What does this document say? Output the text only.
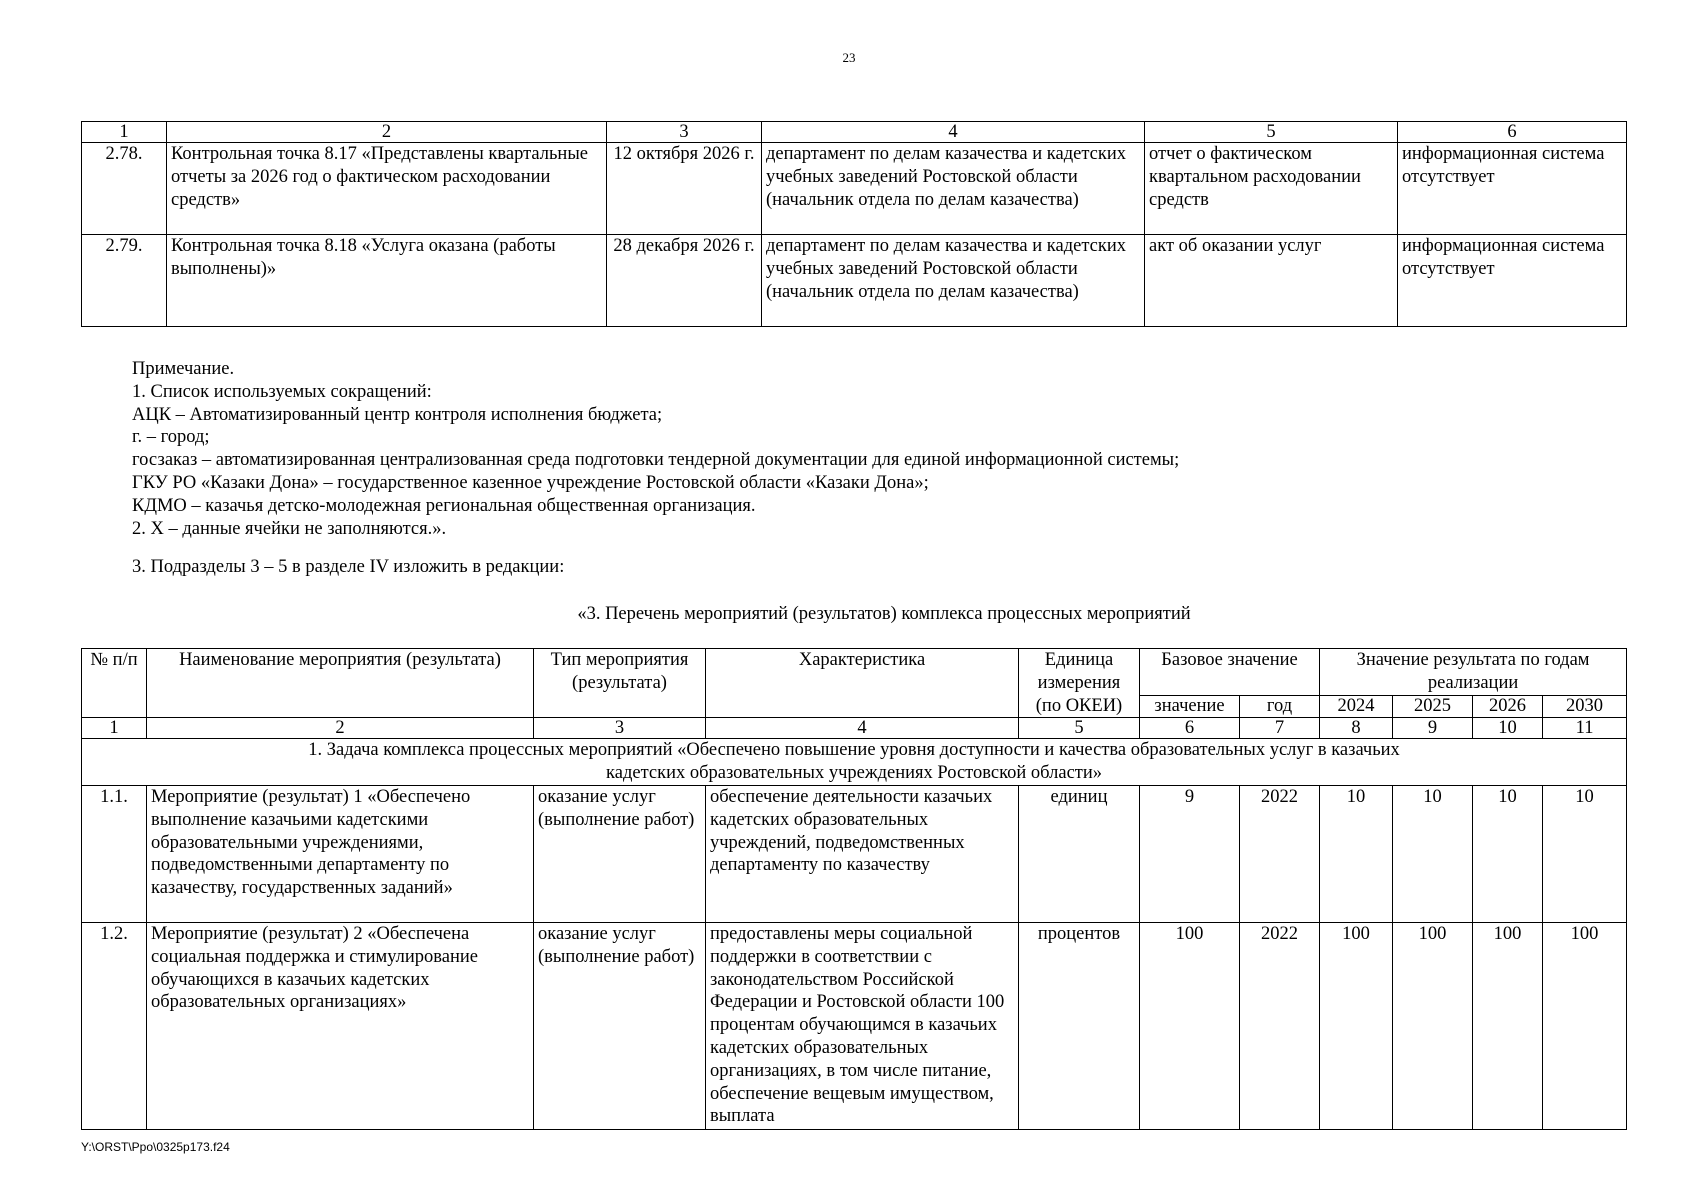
23
1	2	3	4	5	6
2.78.	Контрольная точка 8.17 «Представлены квартальные отчеты за 2026 год о фактическом расходовании средств»	12 октября 2026 г.	департамент по делам казачества и кадетских учебных заведений Ростовской области (начальник отдела по делам казачества)	отчет о фактическом квартальном расходовании средств	информационная система отсутствует
2.79.	Контрольная точка 8.18 «Услуга оказана (работы выполнены)»	28 декабря 2026 г.	департамент по делам казачества и кадетских учебных заведений Ростовской области (начальник отдела по делам казачества)	акт об оказании услуг	информационная система отсутствует

Примечание.

1. Список используемых сокращений:

АЦК – Автоматизированный центр контроля исполнения бюджета;

г. – город;

госзаказ – автоматизированная централизованная среда подготовки тендерной документации для единой информационной системы;

ГКУ РО «Казаки Дона» – государственное казенное учреждение Ростовской области «Казаки Дона»;

КДМО – казачья детско-молодежная региональная общественная организация.

2. Х – данные ячейки не заполняются.».

3. Подразделы 3 – 5 в разделе IV изложить в редакции:

«3. Перечень мероприятий (результатов) комплекса процессных мероприятий
№ п/п	Наименование мероприятия (результата)	Тип мероприятия (результата)	Характеристика	Единица измерения (по ОКЕИ)	Базовое значение		Значение результата по годам реализации			
					значение	год	2024	2025	2026	2030
1	2	3	4	5	6	7	8	9	10	11
1. Задача комплекса процессных мероприятий «Обеспечено повышение уровня доступности и качества образовательных услуг в казачьих кадетских образовательных учреждениях Ростовской области»										
1.1.	Мероприятие (результат) 1 «Обеспечено выполнение казачьими кадетскими образовательными учреждениями, подведомственными департаменту по казачеству, государственных заданий»	оказание услуг (выполнение работ)	обеспечение деятельности казачьих кадетских образовательных учреждений, подведомственных департаменту по казачеству	единиц	9	2022	10	10	10	10
1.2.	Мероприятие (результат) 2 «Обеспечена социальная поддержка и стимулирование обучающихся в казачьих кадетских образовательных организациях»	оказание услуг (выполнение работ)	предоставлены меры социальной поддержки в соответствии с законодательством Российской Федерации и Ростовской области 100 процентам обучающимся в казачьих кадетских образовательных организациях, в том числе питание, обеспечение вещевым имуществом, выплата	процентов	100	2022	100	100	100	100
Y:\ORST\Ppo\0325p173.f24
